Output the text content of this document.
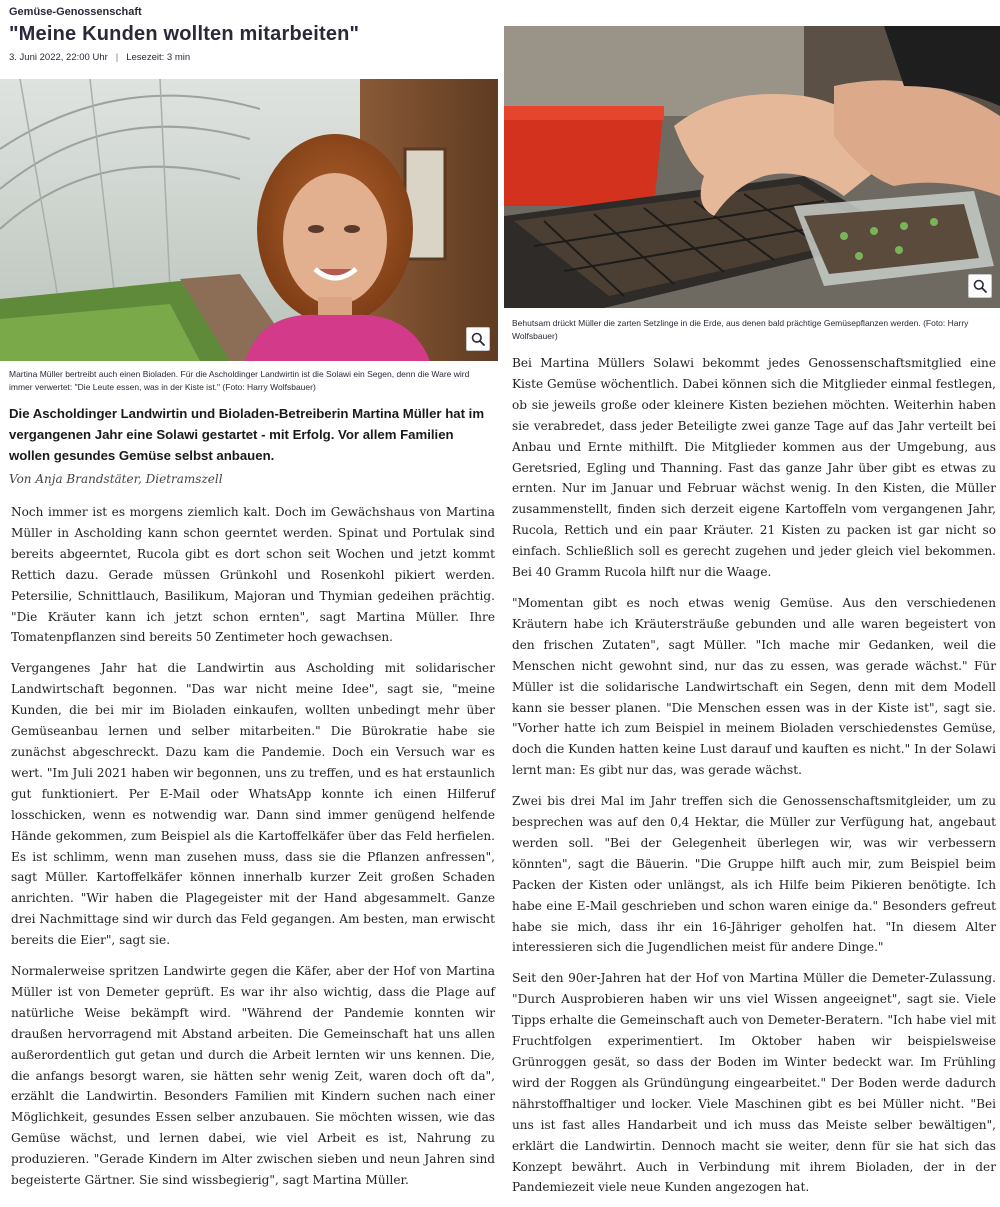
Gemüse-Genossenschaft
"Meine Kunden wollten mitarbeiten"
3. Juni 2022, 22:00 Uhr | Lesezeit: 3 min
Martina Müller bertreibt auch einen Bioladen. Für die Ascholdinger Landwirtin ist die Solawi ein Segen, denn die Ware wird immer verwertet: "Die Leute essen, was in der Kiste ist." (Foto: Harry Wolfsbauer)
Die Ascholdinger Landwirtin und Bioladen-Betreiberin Martina Müller hat im vergangenen Jahr eine Solawi gestartet - mit Erfolg. Vor allem Familien wollen gesundes Gemüse selbst anbauen.
Von Anja Brandstäter, Dietramszell

Noch immer ist es morgens ziemlich kalt. Doch im Gewächshaus von Martina Müller in Ascholding kann schon geerntet werden. Spinat und Portulak sind bereits abgeerntet, Rucola gibt es dort schon seit Wochen und jetzt kommt Rettich dazu. Gerade müssen Grünkohl und Rosenkohl pikiert werden. Petersilie, Schnittlauch, Basilikum, Majoran und Thymian gedeihen prächtig. "Die Kräuter kann ich jetzt schon ernten", sagt Martina Müller. Ihre Tomatenpflanzen sind bereits 50 Zentimeter hoch gewachsen.

Vergangenes Jahr hat die Landwirtin aus Ascholding mit solidarischer Landwirtschaft begonnen. "Das war nicht meine Idee", sagt sie, "meine Kunden, die bei mir im Bioladen einkaufen, wollten unbedingt mehr über Gemüseanbau lernen und selber mitarbeiten." Die Bürokratie habe sie zunächst abgeschreckt. Dazu kam die Pandemie. Doch ein Versuch war es wert. "Im Juli 2021 haben wir begonnen, uns zu treffen, und es hat erstaunlich gut funktioniert. Per E-Mail oder WhatsApp konnte ich einen Hilferuf losschicken, wenn es notwendig war. Dann sind immer genügend helfende Hände gekommen, zum Beispiel als die Kartoffelkäfer über das Feld herfielen. Es ist schlimm, wenn man zusehen muss, dass sie die Pflanzen anfressen", sagt Müller. Kartoffelkäfer können innerhalb kurzer Zeit großen Schaden anrichten. "Wir haben die Plagegeister mit der Hand abgesammelt. Ganze drei Nachmittage sind wir durch das Feld gegangen. Am besten, man erwischt bereits die Eier", sagt sie.

Normalerweise spritzen Landwirte gegen die Käfer, aber der Hof von Martina Müller ist von Demeter geprüft. Es war ihr also wichtig, dass die Plage auf natürliche Weise bekämpft wird. "Während der Pandemie konnten wir draußen hervorragend mit Abstand arbeiten. Die Gemeinschaft hat uns allen außerordentlich gut getan und durch die Arbeit lernten wir uns kennen. Die, die anfangs besorgt waren, sie hätten sehr wenig Zeit, waren doch oft da", erzählt die Landwirtin. Besonders Familien mit Kindern suchen nach einer Möglichkeit, gesundes Essen selber anzubauen. Sie möchten wissen, wie das Gemüse wächst, und lernen dabei, wie viel Arbeit es ist, Nahrung zu produzieren. "Gerade Kindern im Alter zwischen sieben und neun Jahren sind begeisterte Gärtner. Sie sind wissbegierig", sagt Martina Müller.

Behutsam drückt Müller die zarten Setzlinge in die Erde, aus denen bald prächtige Gemüsepflanzen werden. (Foto: Harry Wolfsbauer)

Bei Martina Müllers Solawi bekommt jedes Genossenschaftsmitglied eine Kiste Gemüse wöchentlich. Dabei können sich die Mitglieder einmal festlegen, ob sie jeweils große oder kleinere Kisten beziehen möchten. Weiterhin haben sie verabredet, dass jeder Beteiligte zwei ganze Tage auf das Jahr verteilt bei Anbau und Ernte mithilft. Die Mitglieder kommen aus der Umgebung, aus Geretsried, Egling und Thanning. Fast das ganze Jahr über gibt es etwas zu ernten. Nur im Januar und Februar wächst wenig. In den Kisten, die Müller zusammenstellt, finden sich derzeit eigene Kartoffeln vom vergangenen Jahr, Rucola, Rettich und ein paar Kräuter. 21 Kisten zu packen ist gar nicht so einfach. Schließlich soll es gerecht zugehen und jeder gleich viel bekommen. Bei 40 Gramm Rucola hilft nur die Waage.

"Momentan gibt es noch etwas wenig Gemüse. Aus den verschiedenen Kräutern habe ich Kräutersträuße gebunden und alle waren begeistert von den frischen Zutaten", sagt Müller. "Ich mache mir Gedanken, weil die Menschen nicht gewohnt sind, nur das zu essen, was gerade wächst." Für Müller ist die solidarische Landwirtschaft ein Segen, denn mit dem Modell kann sie besser planen. "Die Menschen essen was in der Kiste ist", sagt sie. "Vorher hatte ich zum Beispiel in meinem Bioladen verschiedenstes Gemüse, doch die Kunden hatten keine Lust darauf und kauften es nicht." In der Solawi lernt man: Es gibt nur das, was gerade wächst.

Zwei bis drei Mal im Jahr treffen sich die Genossenschaftsmitgleider, um zu besprechen was auf den 0,4 Hektar, die Müller zur Verfügung hat, angebaut werden soll. "Bei der Gelegenheit überlegen wir, was wir verbessern könnten", sagt die Bäuerin. "Die Gruppe hilft auch mir, zum Beispiel beim Packen der Kisten oder unlängst, als ich Hilfe beim Pikieren benötigte. Ich habe eine E-Mail geschrieben und schon waren einige da." Besonders gefreut habe sie mich, dass ihr ein 16-Jähriger geholfen hat. "In diesem Alter interessieren sich die Jugendlichen meist für andere Dinge."

Seit den 90er-Jahren hat der Hof von Martina Müller die Demeter-Zulassung. "Durch Ausprobieren haben wir uns viel Wissen angeeignet", sagt sie. Viele Tipps erhalte die Gemeinschaft auch von Demeter-Beratern. "Ich habe viel mit Fruchtfolgen experimentiert. Im Oktober haben wir beispielsweise Grünroggen gesät, so dass der Boden im Winter bedeckt war. Im Frühling wird der Roggen als Gründüngung eingearbeitet." Der Boden werde dadurch nährstoffhaltiger und locker. Viele Maschinen gibt es bei Müller nicht. "Bei uns ist fast alles Handarbeit und ich muss das Meiste selber bewältigen", erklärt die Landwirtin. Dennoch macht sie weiter, denn für sie hat sich das Konzept bewährt. Auch in Verbindung mit ihrem Bioladen, der in der Pandemiezeit viele neue Kunden angezogen hat.
